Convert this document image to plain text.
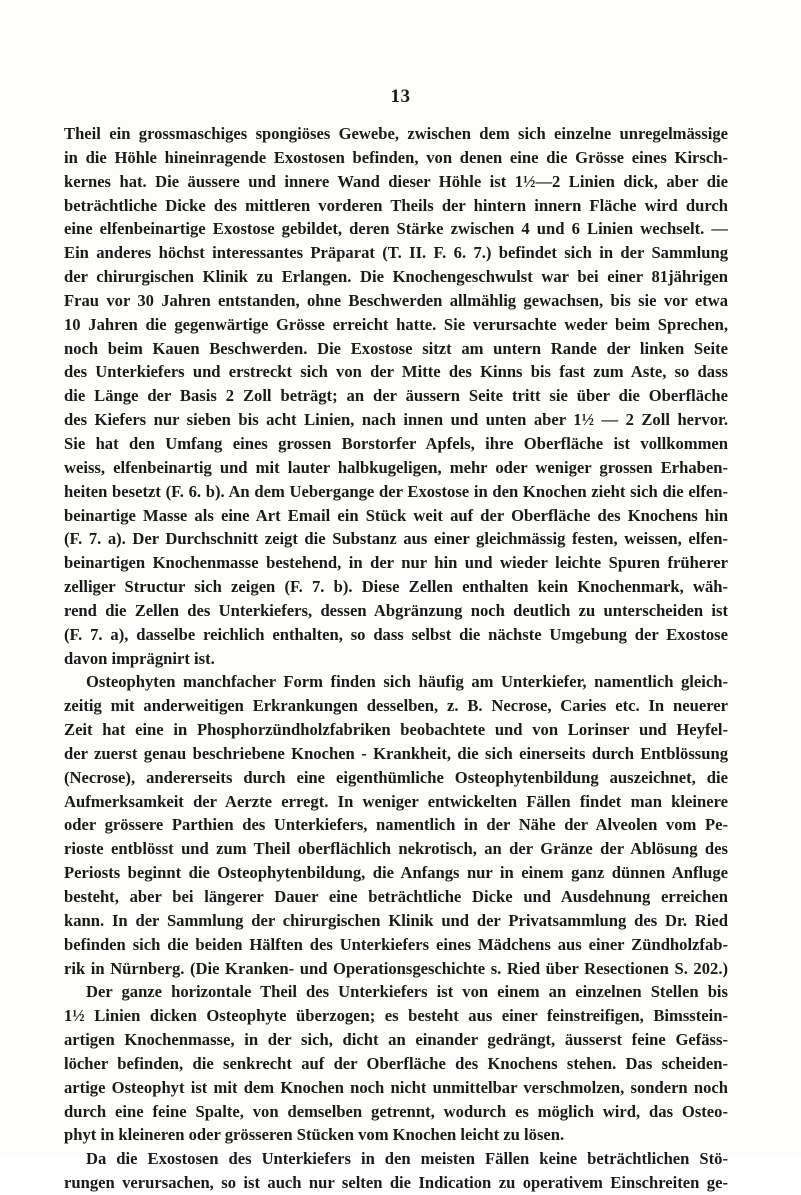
13
Theil ein grossmaschiges spongiöses Gewebe, zwischen dem sich einzelne unregelmässige
in die Höhle hineinragende Exostosen befinden, von denen eine die Grösse eines Kirsch-
kernes hat. Die äussere und innere Wand dieser Höhle ist 1½—2 Linien dick, aber die
beträchtliche Dicke des mittleren vorderen Theils der hintern innern Fläche wird durch
eine elfenbeinartige Exostose gebildet, deren Stärke zwischen 4 und 6 Linien wechselt. —
Ein anderes höchst interessantes Präparat (T. II. F. 6. 7.) befindet sich in der Sammlung
der chirurgischen Klinik zu Erlangen. Die Knochengeschwulst war bei einer 81jährigen
Frau vor 30 Jahren entstanden, ohne Beschwerden allmählig gewachsen, bis sie vor etwa
10 Jahren die gegenwärtige Grösse erreicht hatte. Sie verursachte weder beim Sprechen,
noch beim Kauen Beschwerden. Die Exostose sitzt am untern Rande der linken Seite
des Unterkiefers und erstreckt sich von der Mitte des Kinns bis fast zum Aste, so dass
die Länge der Basis 2 Zoll beträgt; an der äussern Seite tritt sie über die Oberfläche
des Kiefers nur sieben bis acht Linien, nach innen und unten aber 1½ — 2 Zoll hervor.
Sie hat den Umfang eines grossen Borstorfer Apfels, ihre Oberfläche ist vollkommen
weiss, elfenbeinartig und mit lauter halbkugeligen, mehr oder weniger grossen Erhaben-
heiten besetzt (F. 6. b). An dem Uebergange der Exostose in den Knochen zieht sich die elfen-
beinartige Masse als eine Art Email ein Stück weit auf der Oberfläche des Knochens hin
(F. 7. a). Der Durchschnitt zeigt die Substanz aus einer gleichmässig festen, weissen, elfen-
beinartigen Knochenmasse bestehend, in der nur hin und wieder leichte Spuren früherer
zelliger Structur sich zeigen (F. 7. b). Diese Zellen enthalten kein Knochenmark, wäh-
rend die Zellen des Unterkiefers, dessen Abgränzung noch deutlich zu unterscheiden ist
(F. 7. a), dasselbe reichlich enthalten, so dass selbst die nächste Umgebung der Exostose
davon imprägnirt ist.
Osteophyten manchfacher Form finden sich häufig am Unterkiefer, namentlich gleich-
zeitig mit anderweitigen Erkrankungen desselben, z. B. Necrose, Caries etc. In neuerer
Zeit hat eine in Phosphorzündholzfabriken beobachtete und von Lorinser und Heyfel-
der zuerst genau beschriebene Knochen - Krankheit, die sich einerseits durch Entblössung
(Necrose), andererseits durch eine eigenthümliche Osteophytenbildung auszeichnet, die
Aufmerksamkeit der Aerzte erregt. In weniger entwickelten Fällen findet man kleinere
oder grössere Parthien des Unterkiefers, namentlich in der Nähe der Alveolen vom Pe-
rioste entblösst und zum Theil oberflächlich nekrotisch, an der Gränze der Ablösung des
Periosts beginnt die Osteophytenbildung, die Anfangs nur in einem ganz dünnen Anfluge
besteht, aber bei längerer Dauer eine beträchtliche Dicke und Ausdehnung erreichen
kann. In der Sammlung der chirurgischen Klinik und der Privatsammlung des Dr. Ried
befinden sich die beiden Hälften des Unterkiefers eines Mädchens aus einer Zündholzfab-
rik in Nürnberg. (Die Kranken- und Operationsgeschichte s. Ried über Resectionen S. 202.)
Der ganze horizontale Theil des Unterkiefers ist von einem an einzelnen Stellen bis
1½ Linien dicken Osteophyte überzogen; es besteht aus einer feinstreifigen, Bimsstein-
artigen Knochenmasse, in der sich, dicht an einander gedrängt, äusserst feine Gefäss-
löcher befinden, die senkrecht auf der Oberfläche des Knochens stehen. Das scheiden-
artige Osteophyt ist mit dem Knochen noch nicht unmittelbar verschmolzen, sondern noch
durch eine feine Spalte, von demselben getrennt, wodurch es möglich wird, das Osteo-
phyt in kleineren oder grösseren Stücken vom Knochen leicht zu lösen.
Da die Exostosen des Unterkiefers in den meisten Fällen keine beträchtlichen Stö-
rungen verursachen, so ist auch nur selten die Indication zu operativem Einschreiten ge-
